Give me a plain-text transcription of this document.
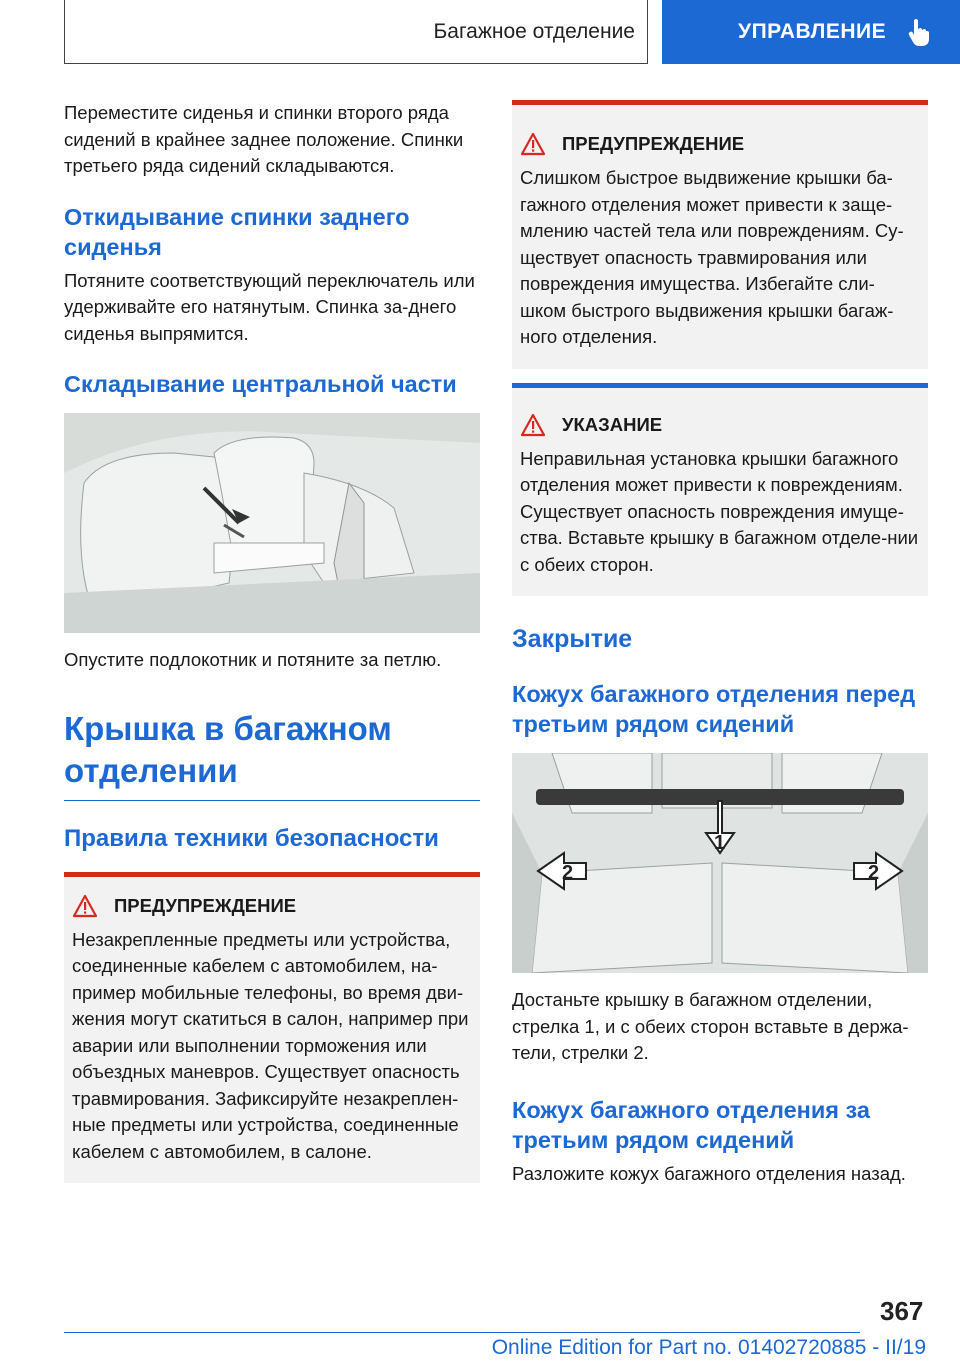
Багажное отделение	УПРАВЛЕНИЕ

Переместите сиденья и спинки второго ряда сидений в крайнее заднее положение. Спинки третьего ряда сидений складываются.

Откидывание спинки заднего сиденья

Потяните соответствующий переключатель или удерживайте его натянутым. Спинка за-днего сиденья выпрямится.

Складывание центральной части

Опустите подлокотник и потяните за петлю.

Крышка в багажном отделении
Правила техники безопасности
ПРЕДУПРЕЖДЕНИЕ

Незакрепленные предметы или устройства, соединенные кабелем с автомобилем, на-пример мобильные телефоны, во время дви-жения могут скатиться в салон, например при аварии или выполнении торможения или объездных маневров. Существует опасность травмирования. Зафиксируйте незакреплен-ные предметы или устройства, соединенные кабелем с автомобилем, в салоне.

ПРЕДУПРЕЖДЕНИЕ

Слишком быстрое выдвижение крышки ба-гажного отделения может привести к защe-млению частей тела или повреждениям. Су-ществует опасность травмирования или повреждения имущества. Избегайте сли-шком быстрого выдвижения крышки багаж-ного отделения.

УКАЗАНИЕ

Неправильная установка крышки багажного отделения может привести к повреждениям. Существует опасность повреждения имуще-ства. Вставьте крышку в багажном отделе-нии с обеих сторон.

Закрытие
Кожух багажного отделения перед третьим рядом сидений
1
2	2

Достаньте крышку в багажном отделении, стрелка 1, и с обеих сторон вставьте в держа-тели, стрелки 2.

Кожух багажного отделения за третьим рядом сидений

Разложите кожух багажного отделения назад.

367
Online Edition for Part no. 01402720885 - II/19
